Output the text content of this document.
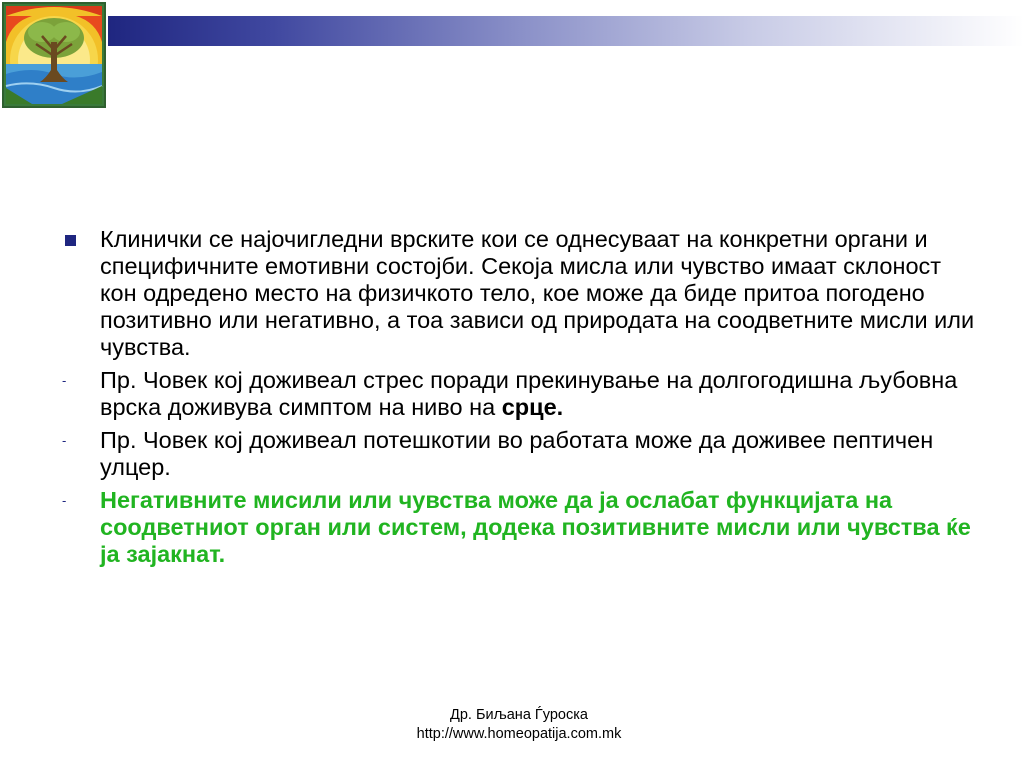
Клинички се најочигледни врските кои се однесуваат на конкретни органи и специфичните емотивни состојби. Секоја мисла или чувство имаат склоност кон одредено место на физичкото тело, кое може да биде притоа погодено позитивно или негативно, а тоа зависи од природата на соодветните мисли или чувства.
-	Пр. Човек кој доживеал стрес поради прекинување на долгогодишна љубовна врска доживува симптом на ниво на срце.
-	Пр. Човек кој доживеал потешкотии во работата може да доживее пептичен улцер.
-	Негативните мисили или чувства може да ја ослабат функцијата на соодветниот орган или систем, додека позитивните мисли или чувства ќе ја зајакнат.
Др. Биљана Ѓуроска
http://www.homeopatija.com.mk
